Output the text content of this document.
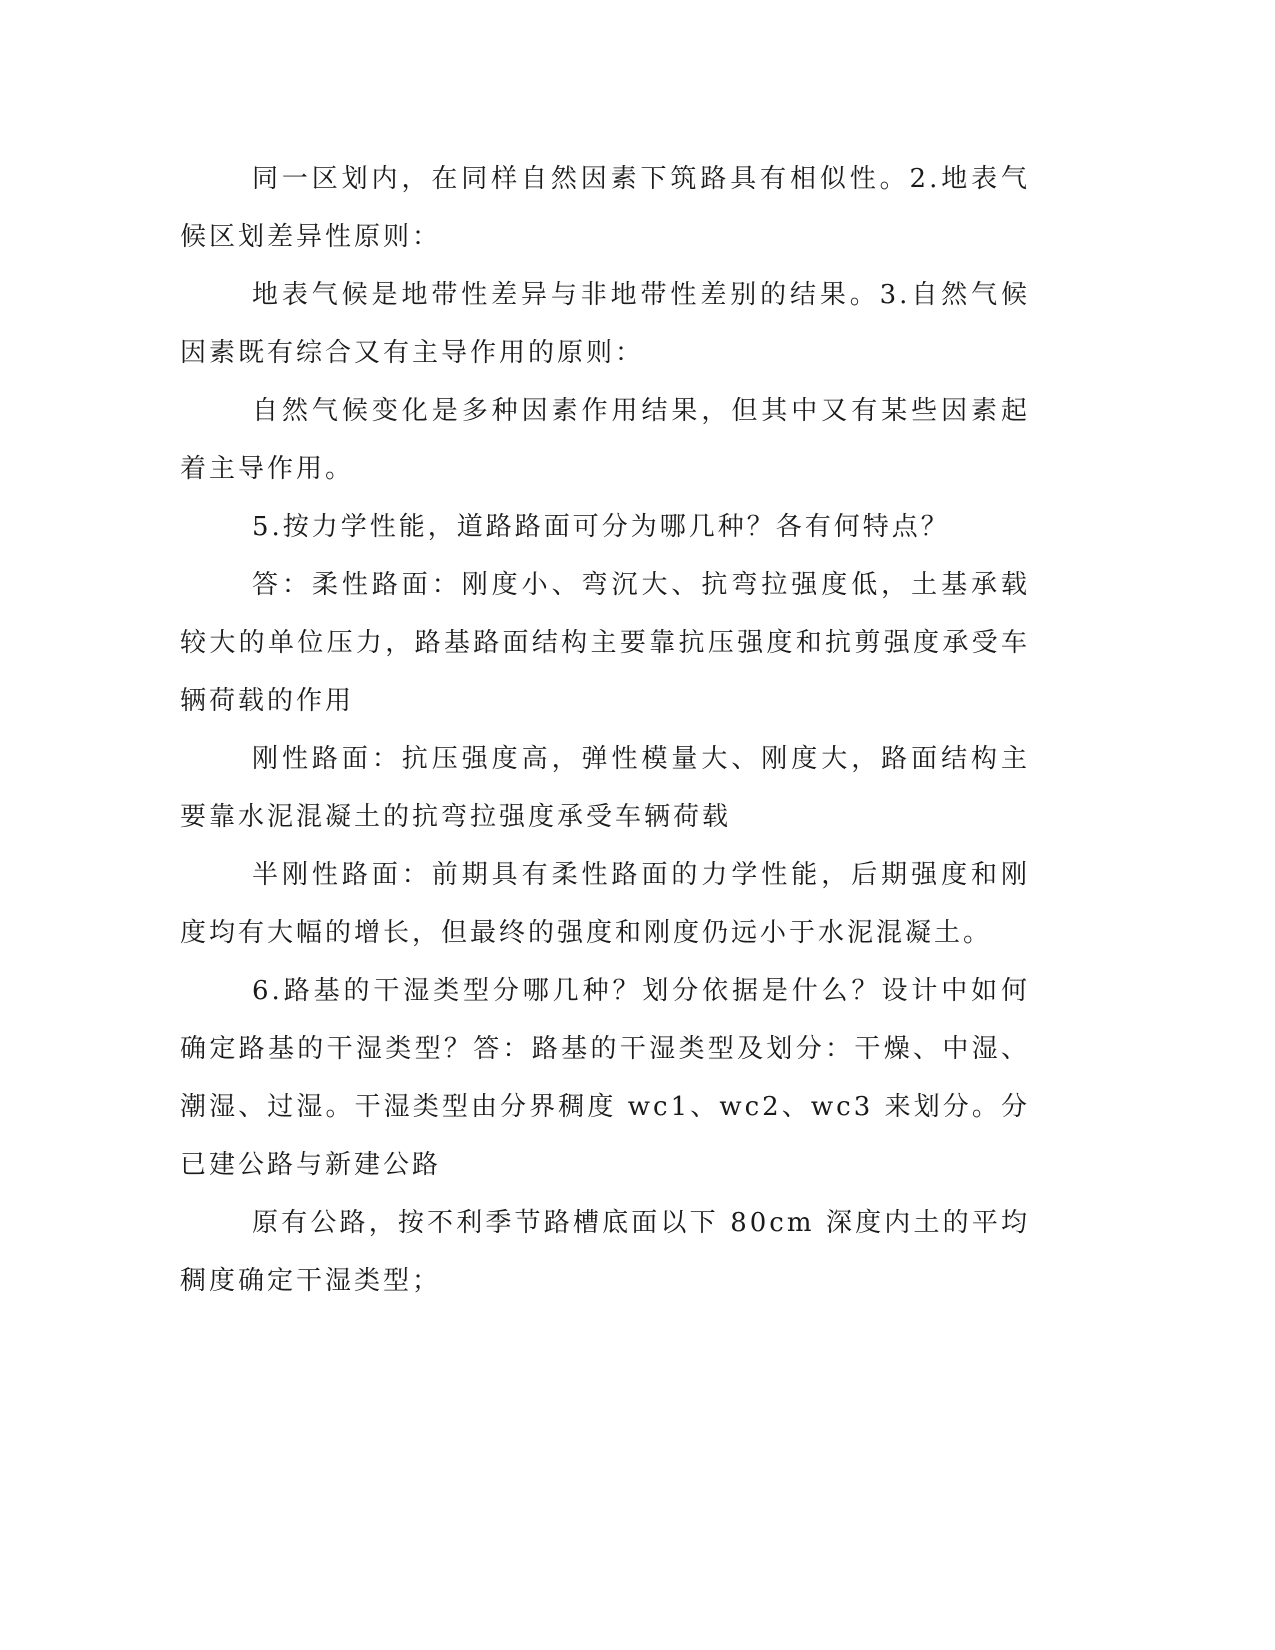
同一区划内，在同样自然因素下筑路具有相似性。2.地表气候区划差异性原则：

地表气候是地带性差异与非地带性差别的结果。3.自然气候因素既有综合又有主导作用的原则：

自然气候变化是多种因素作用结果，但其中又有某些因素起着主导作用。

5.按力学性能，道路路面可分为哪几种？各有何特点？

答：柔性路面：刚度小、弯沉大、抗弯拉强度低，土基承载较大的单位压力，路基路面结构主要靠抗压强度和抗剪强度承受车辆荷载的作用

刚性路面：抗压强度高，弹性模量大、刚度大，路面结构主要靠水泥混凝土的抗弯拉强度承受车辆荷载

半刚性路面：前期具有柔性路面的力学性能，后期强度和刚度均有大幅的增长，但最终的强度和刚度仍远小于水泥混凝土。

6.路基的干湿类型分哪几种？划分依据是什么？设计中如何确定路基的干湿类型？答：路基的干湿类型及划分：干燥、中湿、潮湿、过湿。干湿类型由分界稠度 wc1、wc2、wc3 来划分。分已建公路与新建公路

原有公路，按不利季节路槽底面以下 80cm 深度内土的平均稠度确定干湿类型；
